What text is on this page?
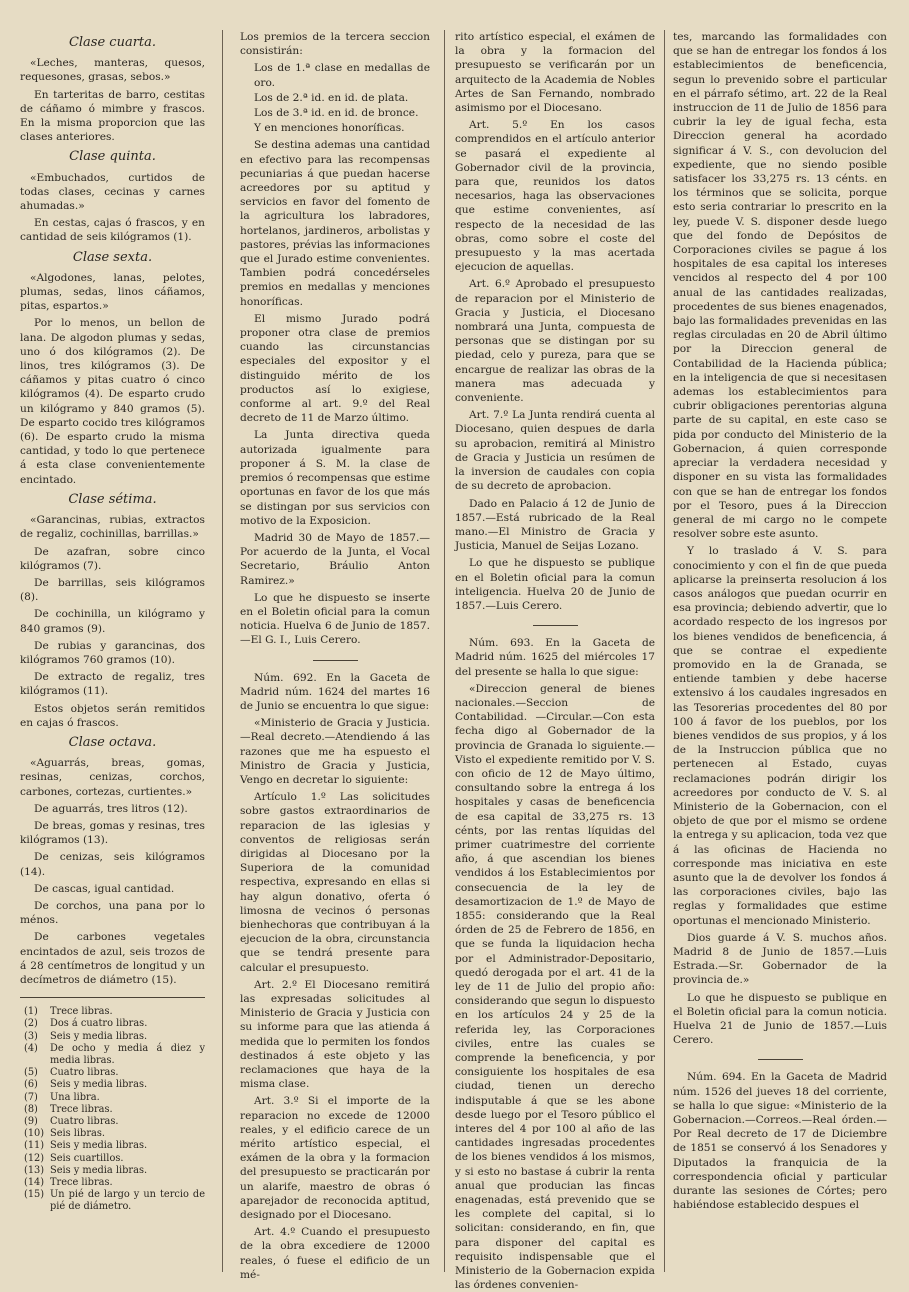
Clase cuarta.

«Leches, manteras, quesos, requesones, grasas, sebos.»

En tarteritas de barro, cestitas de cáñamo ó mimbre y frascos. En la misma proporcion que las clases anteriores.

Clase quinta.

«Embuchados, curtidos de todas clases, cecinas y carnes ahumadas.»

En cestas, cajas ó frascos, y en cantidad de seis kilógramos (1).

Clase sexta.

«Algodones, lanas, pelotes, plumas, sedas, linos cáñamos, pitas, espartos.»

Por lo menos, un bellon de lana. De algodon plumas y sedas, uno ó dos kilógramos (2). De linos, tres kilógramos (3). De cáñamos y pitas cuatro ó cinco kilógramos (4). De esparto crudo un kilógramo y 840 gramos (5). De esparto cocido tres kilógramos (6). De esparto crudo la misma cantidad, y todo lo que pertenece á esta clase convenientemente encintado.

Clase sétima.

«Garancinas, rubias, extractos de regaliz, cochinillas, barrillas.»

De azafran, sobre cinco kilógramos (7).

De barrillas, seis kilógramos (8).

De cochinilla, un kilógramo y 840 gramos (9).

De rubias y garancinas, dos kilógramos 760 gramos (10).

De extracto de regaliz, tres kilógramos (11).

Estos objetos serán remitidos en cajas ó frascos.

Clase octava.

«Aguarrás, breas, gomas, resinas, cenizas, corchos, carbones, cortezas, curtientes.»

De aguarrás, tres litros (12).

De breas, gomas y resinas, tres kilógramos (13).

De cenizas, seis kilógramos (14).

De cascas, igual cantidad.

De corchos, una pana por lo ménos.

De carbones vegetales encintados de azul, seis trozos de á 28 centímetros de longitud y un decímetros de diámetro (15).

(1)	Trece libras.
(2)	Dos á cuatro libras.
(3)	Seis y media libras.
(4)	De ocho y media á diez y media libras.
(5)	Cuatro libras.
(6)	Seis y media libras.
(7)	Una libra.
(8)	Trece libras.
(9)	Cuatro libras.
(10) Seis libras.
(11) Seis y media libras.
(12) Seis cuartillos.
(13) Seis y media libras.
(14) Trece libras.
(15) Un pié de largo y un tercio de pié de diámetro.

Los premios de la tercera seccion consistirán:

Los de 1.ª clase en medallas de oro.

Los de 2.ª id. en id. de plata.

Los de 3.ª id. en id. de bronce.

Y en menciones honoríficas.

Se destina ademas una cantidad en efectivo para las recompensas pecuniarias á que puedan hacerse acreedores por su aptitud y servicios en favor del fomento de la agricultura los labradores, hortelanos, jardineros, arbolistas y pastores, prévias las informaciones que el Jurado estime convenientes. Tambien podrá concedérseles premios en medallas y menciones honoríficas.

El mismo Jurado podrá proponer otra clase de premios cuando las circunstancias especiales del expositor y el distinguido mérito de los productos así lo exigiese, conforme al art. 9.º del Real decreto de 11 de Marzo último.

La Junta directiva queda autorizada igualmente para proponer á S. M. la clase de premios ó recompensas que estime oportunas en favor de los que más se distingan por sus servicios con motivo de la Exposicion.

Madrid 30 de Mayo de 1857.—Por acuerdo de la Junta, el Vocal Secretario, Bráulio Anton Ramirez.»

Lo que he dispuesto se inserte en el Boletin oficial para la comun noticia. Huelva 6 de Junio de 1857. —El G. I., Luis Cerero.

Núm. 692. En la Gaceta de Madrid núm. 1624 del martes 16 de Junio se encuentra lo que sigue:

«Ministerio de Gracia y Justicia. —Real decreto.—Atendiendo á las razones que me ha espuesto el Ministro de Gracia y Justicia, Vengo en decretar lo siguiente:

Artículo 1.º Las solicitudes sobre gastos extraordinarios de reparacion de las iglesias y conventos de religiosas serán dirigidas al Diocesano por la Superiora de la comunidad respectiva, expresando en ellas si hay algun donativo, oferta ó limosna de vecinos ó personas bienhechoras que contribuyan á la ejecucion de la obra, circunstancia que se tendrá presente para calcular el presupuesto.

Art. 2.º El Diocesano remitirá las expresadas solicitudes al Ministerio de Gracia y Justicia con su informe para que las atienda á medida que lo permiten los fondos destinados á este objeto y las reclamaciones que haya de la misma clase.

Art. 3.º Si el importe de la reparacion no excede de 12000 reales, y el edificio carece de un mérito artístico especial, el exámen de la obra y la formacion del presupuesto se practicarán por un alarife, maestro de obras ó aparejador de reconocida aptitud, designado por el Diocesano.

Art. 4.º Cuando el presupuesto de la obra excediere de 12000 reales, ó fuese el edificio de un mé-

rito artístico especial, el exámen de la obra y la formacion del presupuesto se verificarán por un arquitecto de la Academia de Nobles Artes de San Fernando, nombrado asimismo por el Diocesano.

Art. 5.º En los casos comprendidos en el artículo anterior se pasará el expediente al Gobernador civil de la provincia, para que, reunidos los datos necesarios, haga las observaciones que estime convenientes, así respecto de la necesidad de las obras, como sobre el coste del presupuesto y la mas acertada ejecucion de aquellas.

Art. 6.º Aprobado el presupuesto de reparacion por el Ministerio de Gracia y Justicia, el Diocesano nombrará una Junta, compuesta de personas que se distingan por su piedad, celo y pureza, para que se encargue de realizar las obras de la manera mas adecuada y conveniente.

Art. 7.º La Junta rendirá cuenta al Diocesano, quien despues de darla su aprobacion, remitirá al Ministro de Gracia y Justicia un resúmen de la inversion de caudales con copia de su decreto de aprobacion.

Dado en Palacio á 12 de Junio de 1857.—Está rubricado de la Real mano.—El Ministro de Gracia y Justicia, Manuel de Seijas Lozano.

Lo que he dispuesto se publique en el Boletin oficial para la comun inteligencia. Huelva 20 de Junio de 1857.—Luis Cerero.

Núm. 693. En la Gaceta de Madrid núm. 1625 del miércoles 17 del presente se halla lo que sigue:

«Direccion general de bienes nacionales.—Seccion de Contabilidad. —Circular.—Con esta fecha digo al Gobernador de la provincia de Granada lo siguiente.—Visto el expediente remitido por V. S. con oficio de 12 de Mayo último, consultando sobre la entrega á los hospitales y casas de beneficencia de esa capital de 33,275 rs. 13 cénts, por las rentas líquidas del primer cuatrimestre del corriente año, á que ascendian los bienes vendidos á los Establecimientos por consecuencia de la ley de desamortizacion de 1.º de Mayo de 1855: considerando que la Real órden de 25 de Febrero de 1856, en que se funda la liquidacion hecha por el Administrador-Depositario, quedó derogada por el art. 41 de la ley de 11 de Julio del propio año: considerando que segun lo dispuesto en los artículos 24 y 25 de la referida ley, las Corporaciones civiles, entre las cuales se comprende la beneficencia, y por consiguiente los hospitales de esa ciudad, tienen un derecho indisputable á que se les abone desde luego por el Tesoro público el interes del 4 por 100 al año de las cantidades ingresadas procedentes de los bienes vendidos á los mismos, y si esto no bastase á cubrir la renta anual que producian las fincas enagenadas, está prevenido que se les complete del capital, si lo solicitan: considerando, en fin, que para disponer del capital es requisito indispensable que el Ministerio de la Gobernacion expida las órdenes convenien-

tes, marcando las formalidades con que se han de entregar los fondos á los establecimientos de beneficencia, segun lo prevenido sobre el particular en el párrafo sétimo, art. 22 de la Real instruccion de 11 de Julio de 1856 para cubrir la ley de igual fecha, esta Direccion general ha acordado significar á V. S., con devolucion del expediente, que no siendo posible satisfacer los 33,275 rs. 13 cénts. en los términos que se solicita, porque esto seria contrariar lo prescrito en la ley, puede V. S. disponer desde luego que del fondo de Depósitos de Corporaciones civiles se pague á los hospitales de esa capital los intereses vencidos al respecto del 4 por 100 anual de las cantidades realizadas, procedentes de sus bienes enagenados, bajo las formalidades prevenidas en las reglas circuladas en 20 de Abril último por la Direccion general de Contabilidad de la Hacienda pública; en la inteligencia de que si necesitasen ademas los establecimientos para cubrir obligaciones perentorias alguna parte de su capital, en este caso se pida por conducto del Ministerio de la Gobernacion, á quien corresponde apreciar la verdadera necesidad y disponer en su vista las formalidades con que se han de entregar los fondos por el Tesoro, pues á la Direccion general de mi cargo no le compete resolver sobre este asunto.

Y lo traslado á V. S. para conocimiento y con el fin de que pueda aplicarse la preinserta resolucion á los casos análogos que puedan ocurrir en esa provincia; debiendo advertir, que lo acordado respecto de los ingresos por los bienes vendidos de beneficencia, á que se contrae el expediente promovido en la de Granada, se entiende tambien y debe hacerse extensivo á los caudales ingresados en las Tesorerias procedentes del 80 por 100 á favor de los pueblos, por los bienes vendidos de sus propios, y á los de la Instruccion pública que no pertenecen al Estado, cuyas reclamaciones podrán dirigir los acreedores por conducto de V. S. al Ministerio de la Gobernacion, con el objeto de que por el mismo se ordene la entrega y su aplicacion, toda vez que á las oficinas de Hacienda no corresponde mas iniciativa en este asunto que la de devolver los fondos á las corporaciones civiles, bajo las reglas y formalidades que estime oportunas el mencionado Ministerio.

Dios guarde á V. S. muchos años. Madrid 8 de Junio de 1857.—Luis Estrada.—Sr. Gobernador de la provincia de.»

Lo que he dispuesto se publique en el Boletin oficial para la comun noticia. Huelva 21 de Junio de 1857.—Luis Cerero.

Núm. 694. En la Gaceta de Madrid núm. 1526 del jueves 18 del corriente, se halla lo que sigue: «Ministerio de la Gobernacion.—Correos.—Real órden.—Por Real decreto de 17 de Diciembre de 1851 se conservó á los Senadores y Diputados la franquicia de la correspondencia oficial y particular durante las sesiones de Córtes; pero habiéndose establecido despues el
